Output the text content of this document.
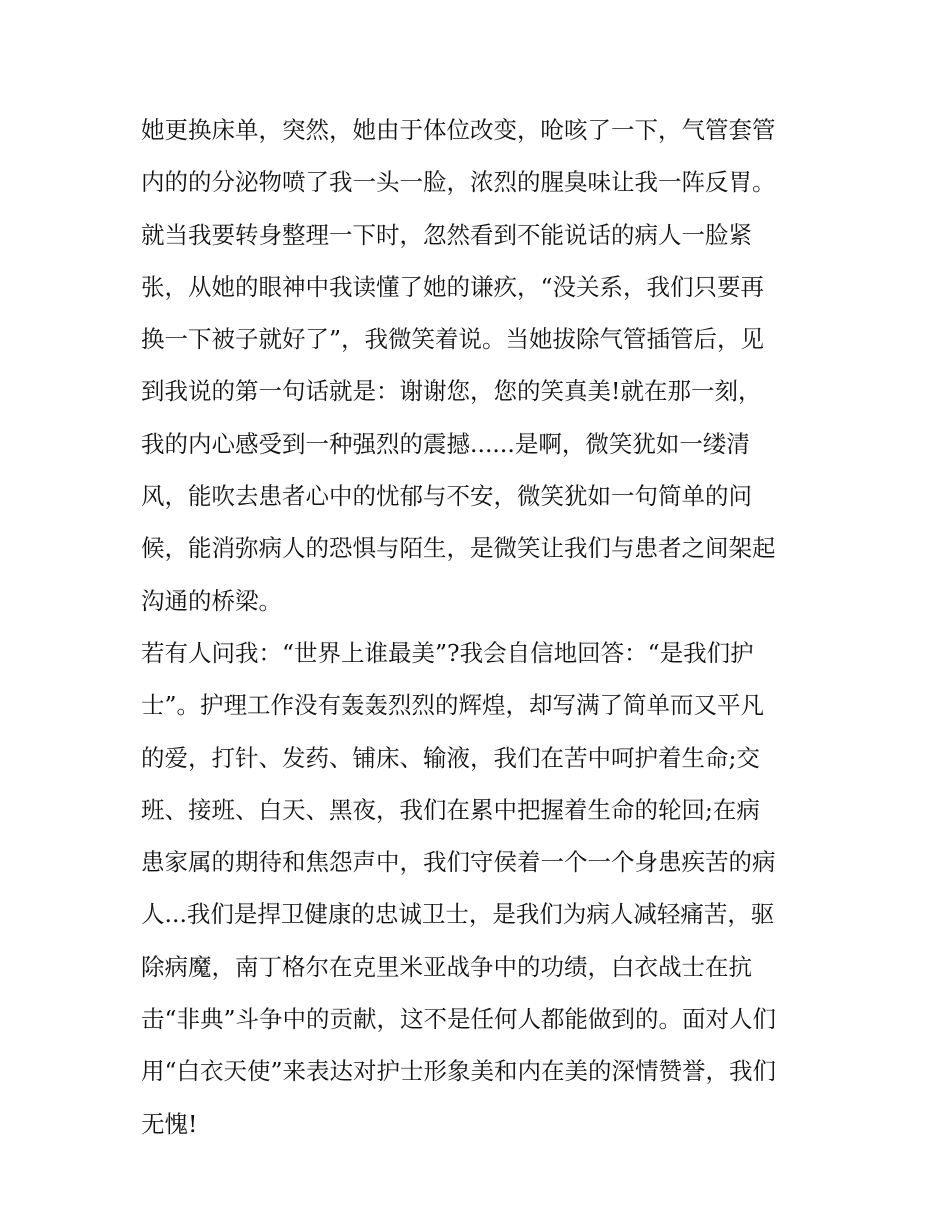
她更换床单，突然，她由于体位改变，呛咳了一下，气管套管
内的的分泌物喷了我一头一脸，浓烈的腥臭味让我一阵反胃。
就当我要转身整理一下时，忽然看到不能说话的病人一脸紧
张，从她的眼神中我读懂了她的谦疚，“没关系，我们只要再
换一下被子就好了”，我微笑着说。当她拔除气管插管后，见
到我说的第一句话就是：谢谢您，您的笑真美!就在那一刻，
我的内心感受到一种强烈的震撼......是啊，微笑犹如一缕清
风，能吹去患者心中的忧郁与不安，微笑犹如一句简单的问
候，能消弥病人的恐惧与陌生，是微笑让我们与患者之间架起
沟通的桥梁。
若有人问我：“世界上谁最美”?我会自信地回答：“是我们护
士”。护理工作没有轰轰烈烈的辉煌，却写满了简单而又平凡
的爱，打针、发药、铺床、输液，我们在苦中呵护着生命;交
班、接班、白天、黑夜，我们在累中把握着生命的轮回;在病
患家属的期待和焦怨声中，我们守侯着一个一个身患疾苦的病
人...我们是捍卫健康的忠诚卫士，是我们为病人减轻痛苦，驱
除病魔，南丁格尔在克里米亚战争中的功绩，白衣战士在抗
击“非典”斗争中的贡献，这不是任何人都能做到的。面对人们
用“白衣天使”来表达对护士形象美和内在美的深情赞誉，我们
无愧!
